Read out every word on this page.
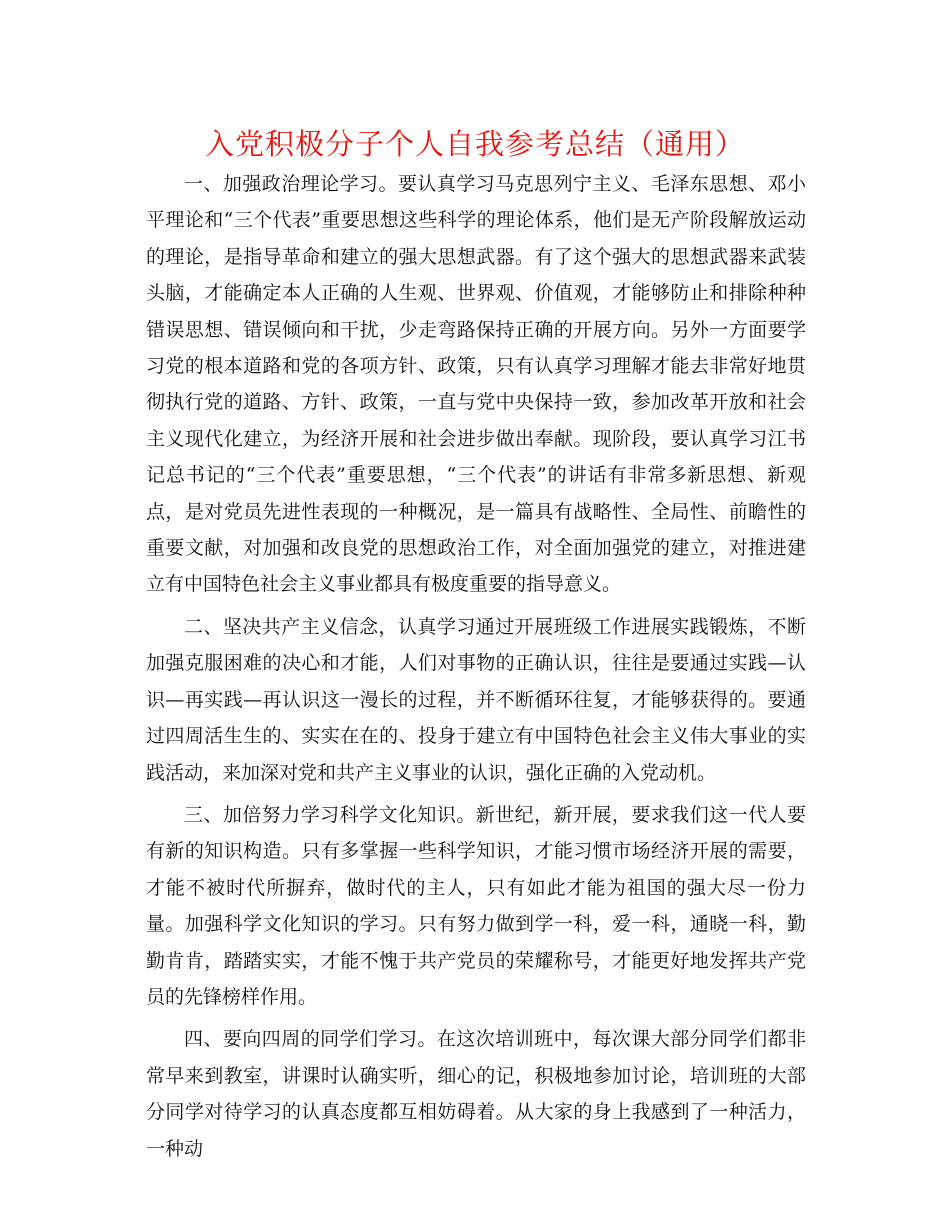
入党积极分子个人自我参考总结（通用）

一、加强政治理论学习。要认真学习马克思列宁主义、毛泽东思想、邓小平理论和“三个代表”重要思想这些科学的理论体系，他们是无产阶段解放运动的理论，是指导革命和建立的强大思想武器。有了这个强大的思想武器来武装头脑，才能确定本人正确的人生观、世界观、价值观，才能够防止和排除种种错误思想、错误倾向和干扰，少走弯路保持正确的开展方向。另外一方面要学习党的根本道路和党的各项方针、政策，只有认真学习理解才能去非常好地贯彻执行党的道路、方针、政策，一直与党中央保持一致，参加改革开放和社会主义现代化建立，为经济开展和社会进步做出奉献。现阶段，要认真学习江书记总书记的“三个代表”重要思想，“三个代表”的讲话有非常多新思想、新观点，是对党员先进性表现的一种概况，是一篇具有战略性、全局性、前瞻性的重要文献，对加强和改良党的思想政治工作，对全面加强党的建立，对推进建立有中国特色社会主义事业都具有极度重要的指导意义。

二、坚决共产主义信念，认真学习通过开展班级工作进展实践锻炼，不断加强克服困难的决心和才能，人们对事物的正确认识，往往是要通过实践—认识—再实践—再认识这一漫长的过程，并不断循环往复，才能够获得的。要通过四周活生生的、实实在在的、投身于建立有中国特色社会主义伟大事业的实践活动，来加深对党和共产主义事业的认识，强化正确的入党动机。

三、加倍努力学习科学文化知识。新世纪，新开展，要求我们这一代人要有新的知识构造。只有多掌握一些科学知识，才能习惯市场经济开展的需要，才能不被时代所摒弃，做时代的主人，只有如此才能为祖国的强大尽一份力量。加强科学文化知识的学习。只有努力做到学一科，爱一科，通晓一科，勤勤肯肯，踏踏实实，才能不愧于共产党员的荣耀称号，才能更好地发挥共产党员的先锋榜样作用。

四、要向四周的同学们学习。在这次培训班中，每次课大部分同学们都非常早来到教室，讲课时认确实听，细心的记，积极地参加讨论，培训班的大部分同学对待学习的认真态度都互相妨碍着。从大家的身上我感到了一种活力，一种动
